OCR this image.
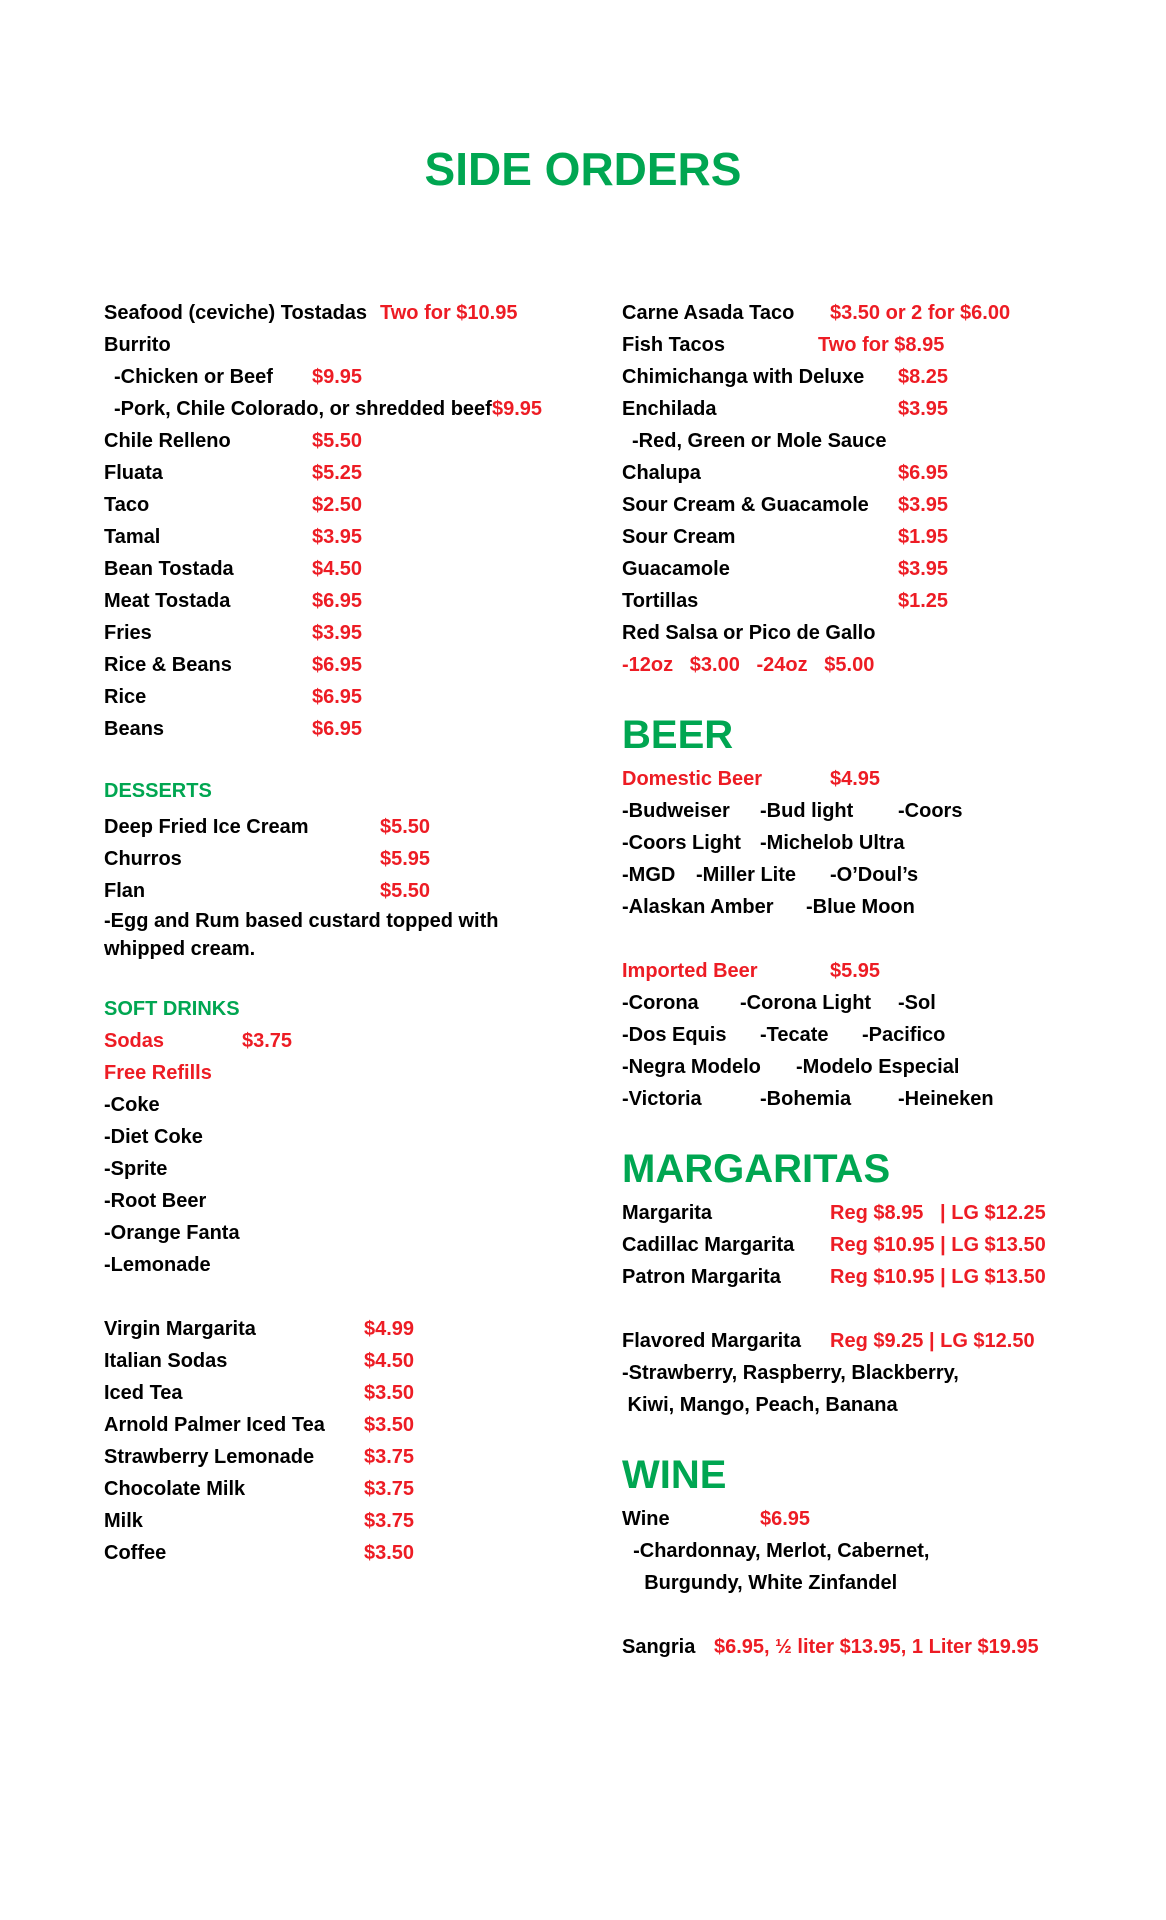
SIDE ORDERS
Seafood (ceviche) Tostadas Two for $10.95
Burrito
-Chicken or Beef $9.95
-Pork, Chile Colorado, or shredded beef $9.95
Chile Relleno	$5.50
Fluata	$5.25
Taco	$2.50
Tamal	$3.95
Bean Tostada	$4.50
Meat Tostada	$6.95
Fries	$3.95
Rice & Beans	$6.95
Rice	$6.95
Beans	$6.95
DESSERTS
Deep Fried Ice Cream	$5.50
Churros	$5.95
Flan	$5.50
-Egg and Rum based custard topped with whipped cream.
SOFT DRINKS
Sodas	$3.75
Free Refills
-Coke
-Diet Coke
-Sprite
-Root Beer
-Orange Fanta
-Lemonade
Virgin Margarita	$4.99
Italian Sodas	$4.50
Iced Tea	$3.50
Arnold Palmer Iced Tea $3.50
Strawberry Lemonade $3.75
Chocolate Milk	$3.75
Milk	$3.75
Coffee	$3.50
Carne Asada Taco $3.50 or 2 for $6.00
Fish Tacos	Two for $8.95
Chimichanga with Deluxe $8.25
Enchilada	$3.95
-Red, Green or Mole Sauce
Chalupa	$6.95
Sour Cream & Guacamole $3.95
Sour Cream	$1.95
Guacamole	$3.95
Tortillas	$1.25
Red Salsa or Pico de Gallo
-12oz   $3.00   -24oz   $5.00
BEER
Domestic Beer	$4.95
-Budweiser -Bud light -Coors
-Coors Light -Michelob Ultra
-MGD -Miller Lite -O’Doul’s
-Alaskan Amber -Blue Moon
Imported Beer	$5.95
-Corona -Corona Light -Sol
-Dos Equis -Tecate -Pacifico
-Negra Modelo -Modelo Especial
-Victoria	-Bohemia -Heineken
MARGARITAS
Margarita	Reg $8.95   | LG $12.25
Cadillac Margarita Reg $10.95 | LG $13.50
Patron Margarita Reg $10.95 | LG $13.50
Flavored Margarita Reg $9.25 | LG $12.50
-Strawberry, Raspberry, Blackberry,
Kiwi, Mango, Peach, Banana
WINE
Wine	$6.95
-Chardonnay, Merlot, Cabernet,
Burgundy, White Zinfandel
Sangria $6.95, ½ liter $13.95, 1 Liter $19.95
